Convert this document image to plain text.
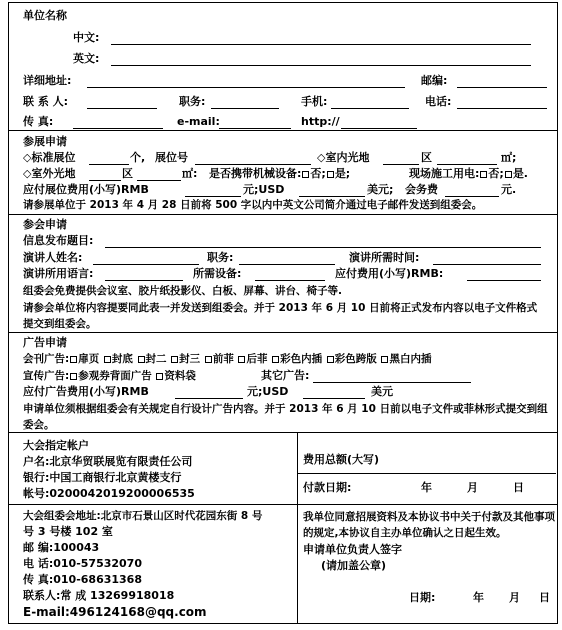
单位名称
中文:
英文:
详细地址:	邮编:
联 系 人:	职务:	手机:	电话:
传 真:	e-mail:	http://
参展申请
◇标准展位	个, 展位号	◇室内光地	区	㎡;
◇室外光地	区	㎡: 是否携带机械设备: 否; 是;	现场施工用电: 否; 是.
应付展位费用(小写)RMB	元;USD	美元; 会务费	元.
请参展单位于 2013 年 4 月 28 日前将 500 字以内中英文公司简介通过电子邮件发送到组委会。
参会申请
信息发布题目:
演讲人姓名:	职务:	演讲所需时间:
演讲所用语言:	所需设备:	应付费用(小写)RMB:
组委会免费提供会议室、胶片纸投影仪、白板、屏幕、讲台、椅子等.
请参会单位将内容提要同此表一并发送到组委会。并于 2013 年 6 月 10 日前将正式发布内容以电子文件格式提交到组委会。
广告申请
会刊广告: 扉页 封底 封二 封三 前菲 后菲 彩色内插 彩色跨版 黑白内插
宣传广告: 参观券背面广告 资料袋	其它广告:
应付广告费用(小写)RMB	元;USD	美元
申请单位须根据组委会有关规定自行设计广告内容。并于 2013 年 6 月 10 日前以电子文件或菲林形式提交到组委会。
大会指定帐户
户名:北京华贸联展览有限责任公司
银行:中国工商银行北京黄楼支行
帐号:0200042019200006535
费用总额(大写)
付款日期:	年	月	日
大会组委会地址:北京市石景山区时代花园东街 8 号
号 3 号楼 102 室
邮 编:100043
电 话:010-57532070
传 真:010-68631368
联系人:常 成 13269918018
E-mail:496124168@qq.com
我单位同意招展资料及本协议书中关于付款及其他事项的规定,本协议自主办单位确认之日起生效。
申请单位负责人签字
(请加盖公章)
日期:	年 月 日
